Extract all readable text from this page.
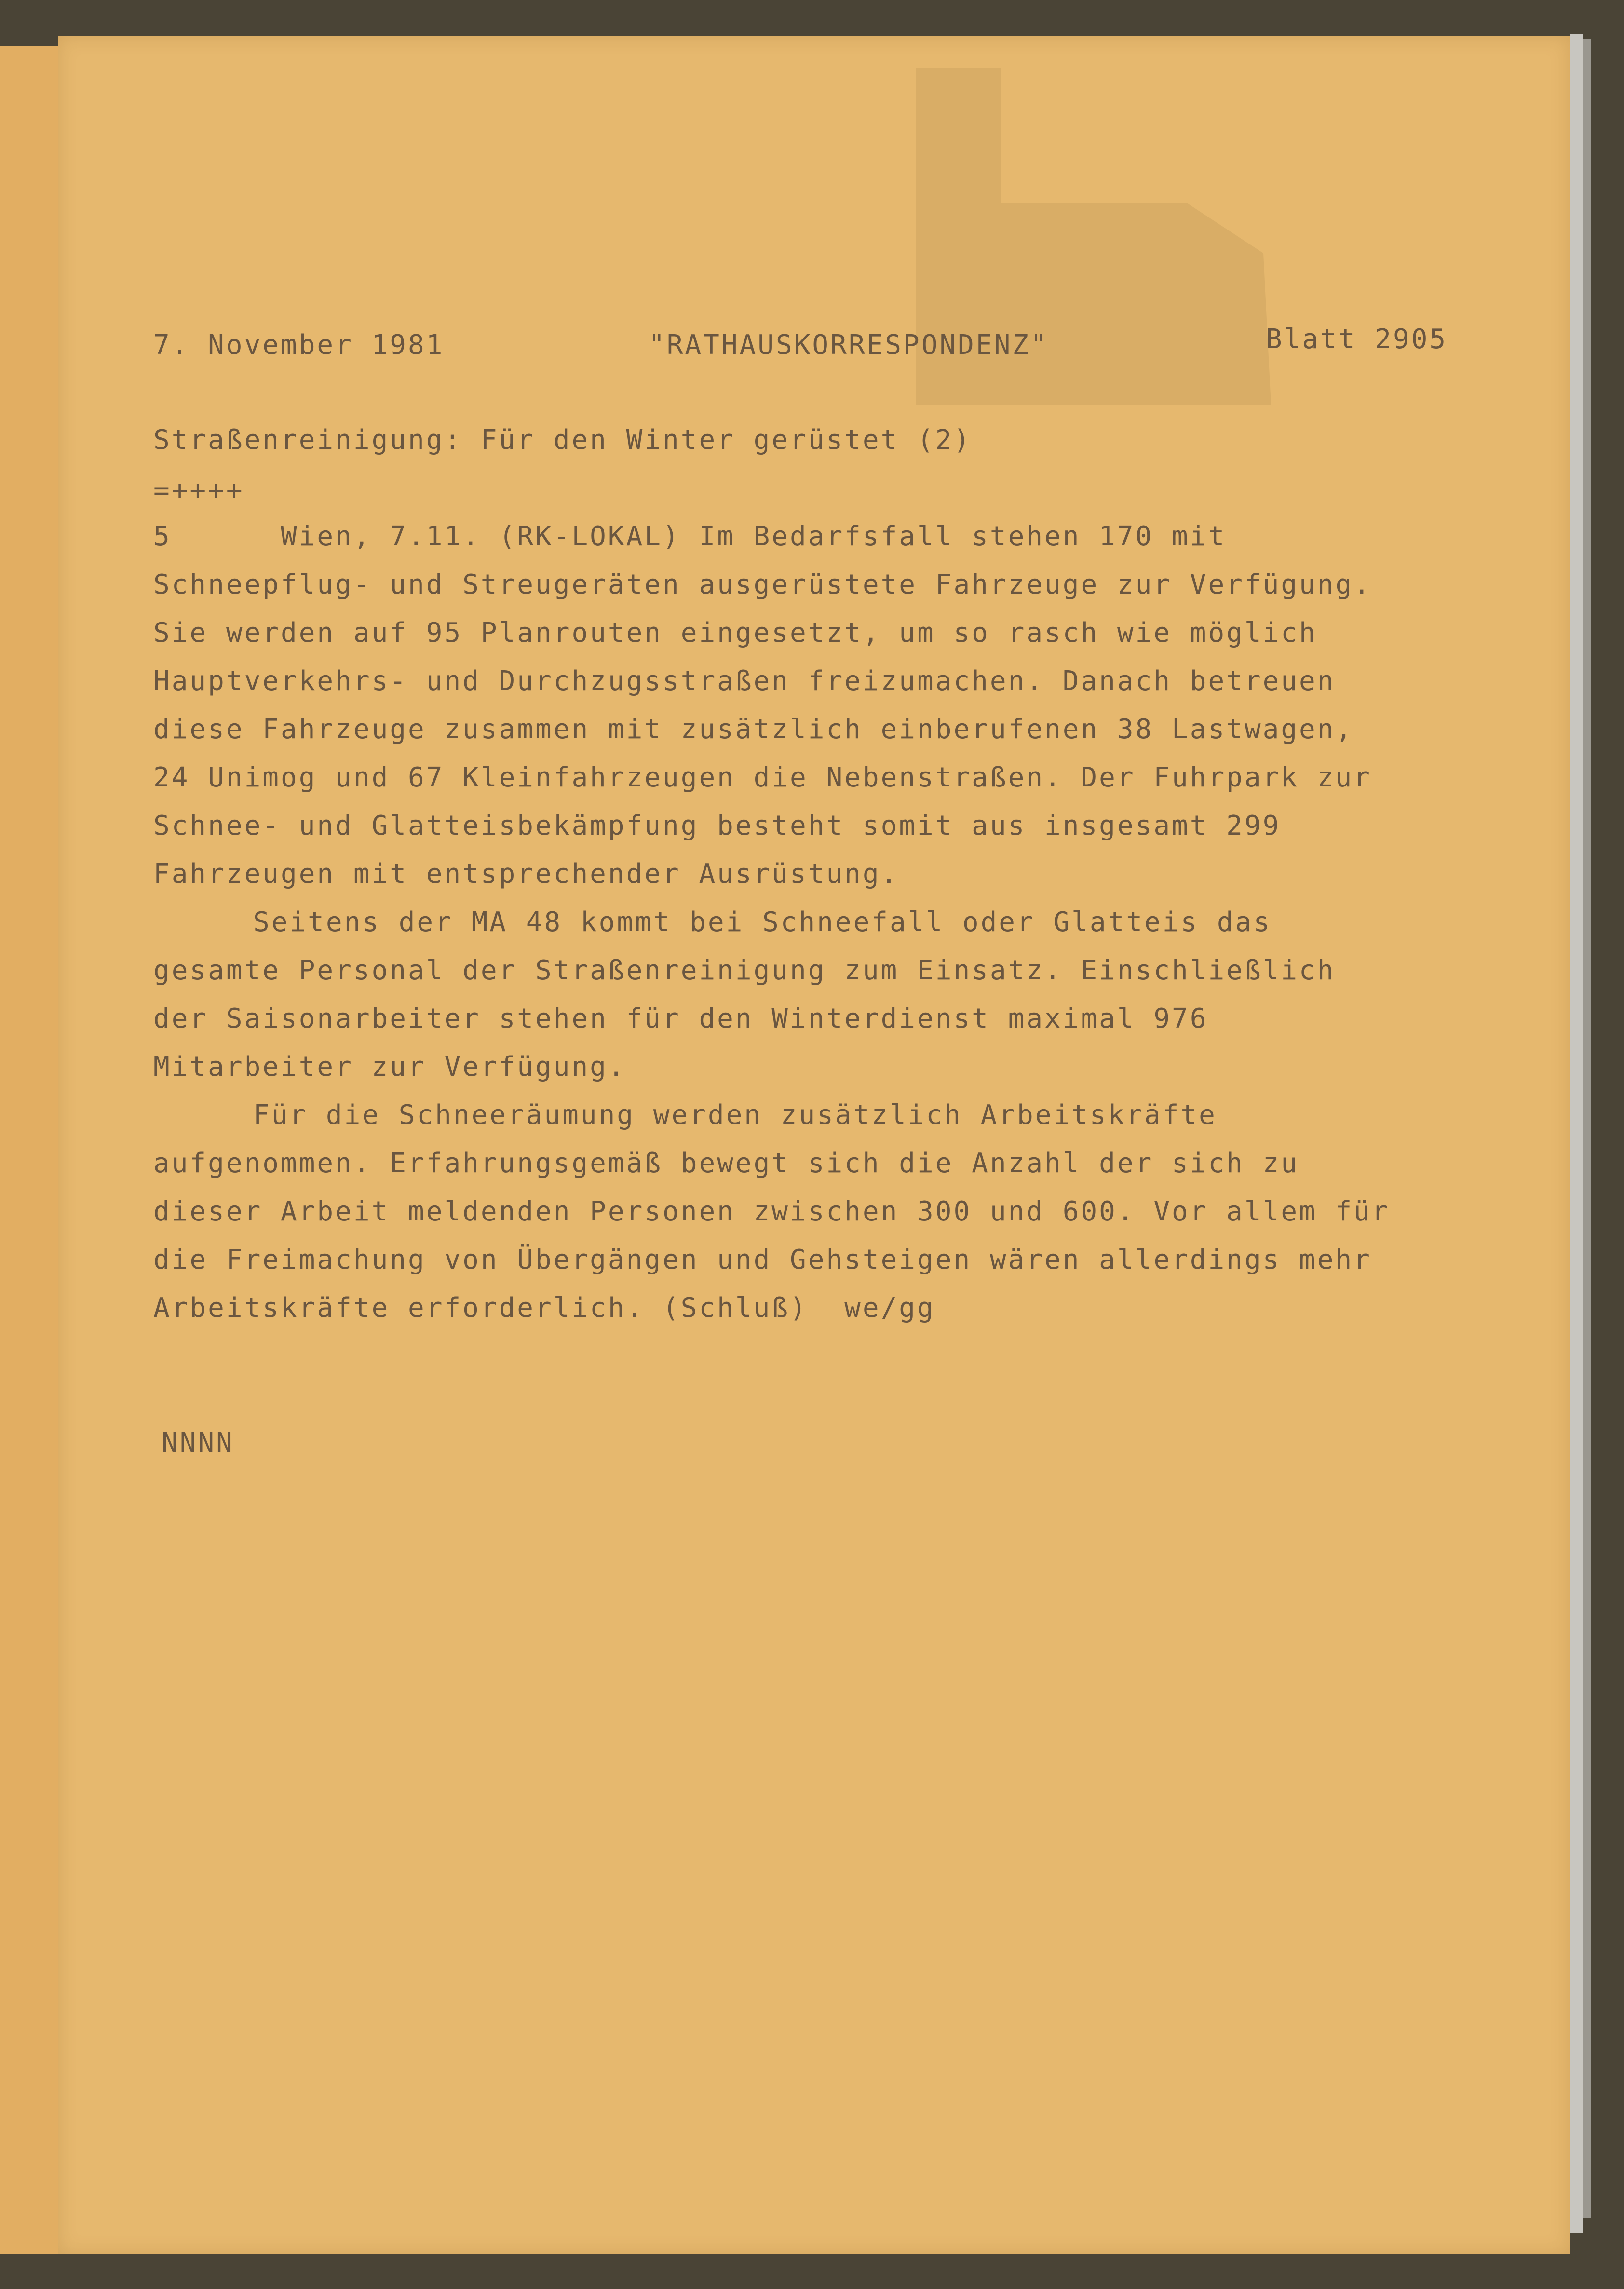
7. November 1981	"RATHAUSKORRESPONDENZ"	Blatt 2905
Straßenreinigung: Für den Winter gerüstet (2)
=++++
5      Wien, 7.11. (RK-LOKAL) Im Bedarfsfall stehen 170 mit
Schneepflug- und Streugeräten ausgerüstete Fahrzeuge zur Verfügung.
Sie werden auf 95 Planrouten eingesetzt, um so rasch wie möglich
Hauptverkehrs- und Durchzugsstraßen freizumachen. Danach betreuen
diese Fahrzeuge zusammen mit zusätzlich einberufenen 38 Lastwagen,
24 Unimog und 67 Kleinfahrzeugen die Nebenstraßen. Der Fuhrpark zur
Schnee- und Glatteisbekämpfung besteht somit aus insgesamt 299
Fahrzeugen mit entsprechender Ausrüstung.
Seitens der MA 48 kommt bei Schneefall oder Glatteis das
gesamte Personal der Straßenreinigung zum Einsatz. Einschließlich
der Saisonarbeiter stehen für den Winterdienst maximal 976
Mitarbeiter zur Verfügung.
Für die Schneeräumung werden zusätzlich Arbeitskräfte
aufgenommen. Erfahrungsgemäß bewegt sich die Anzahl der sich zu
dieser Arbeit meldenden Personen zwischen 300 und 600. Vor allem für
die Freimachung von Übergängen und Gehsteigen wären allerdings mehr
Arbeitskräfte erforderlich. (Schluß)  we/gg
NNNN
